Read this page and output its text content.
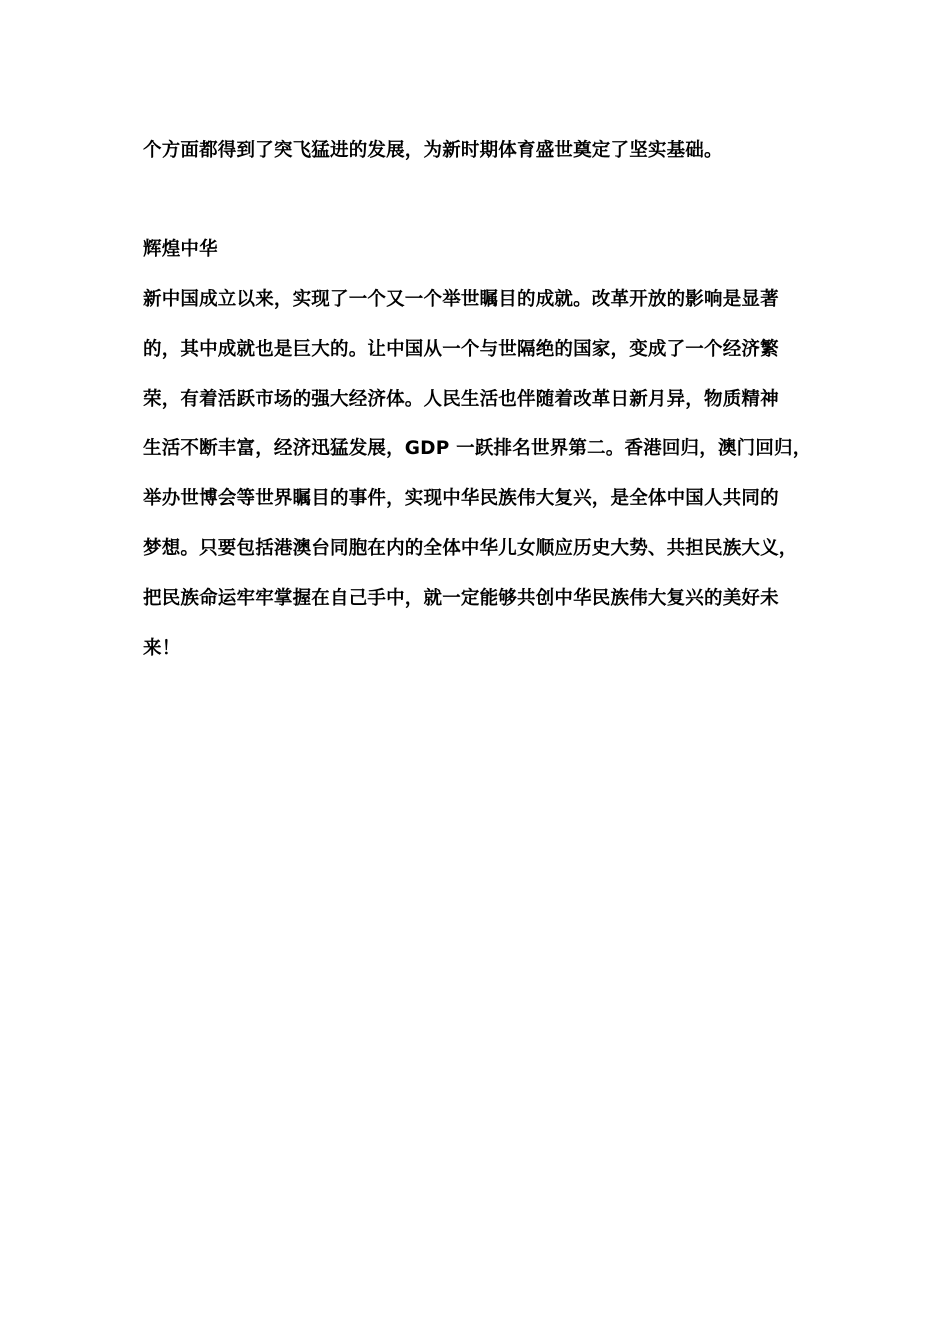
个方面都得到了突飞猛进的发展，为新时期体育盛世奠定了坚实基础。
辉煌中华
新中国成立以来，实现了一个又一个举世瞩目的成就。改革开放的影响是显著
的，其中成就也是巨大的。让中国从一个与世隔绝的国家，变成了一个经济繁
荣，有着活跃市场的强大经济体。人民生活也伴随着改革日新月异，物质精神
生活不断丰富，经济迅猛发展，GDP 一跃排名世界第二。香港回归，澳门回归，
举办世博会等世界瞩目的事件，实现中华民族伟大复兴，是全体中国人共同的
梦想。只要包括港澳台同胞在内的全体中华儿女顺应历史大势、共担民族大义，
把民族命运牢牢掌握在自己手中，就一定能够共创中华民族伟大复兴的美好未
来！
